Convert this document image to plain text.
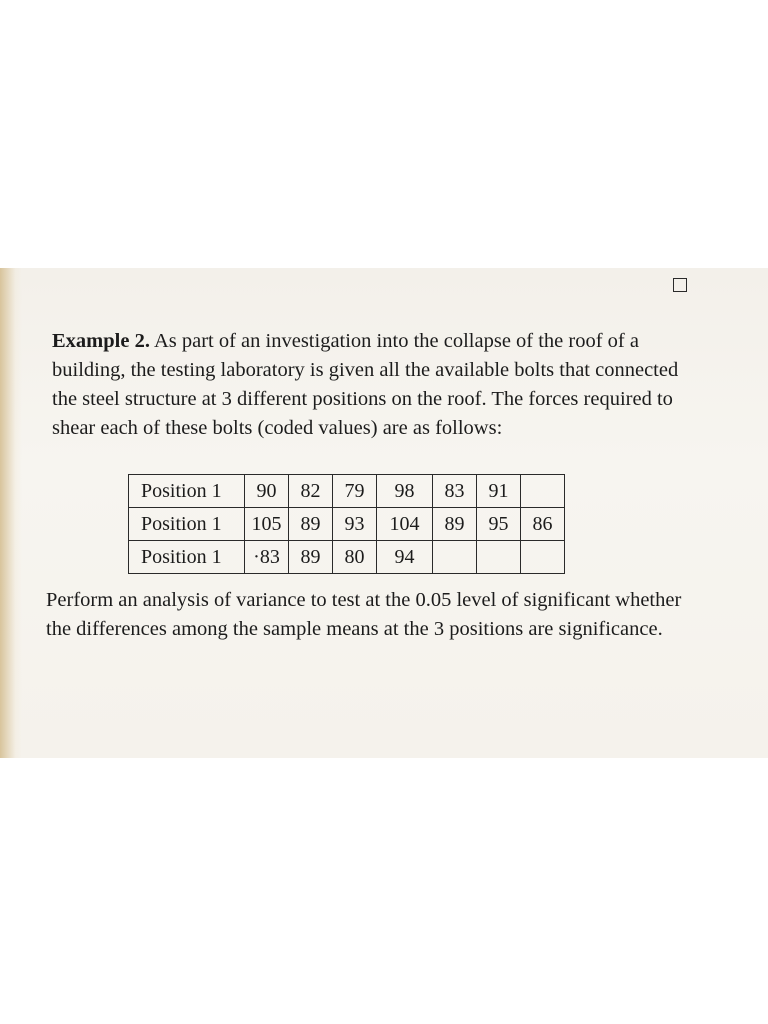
Example 2. As part of an investigation into the collapse of the roof of a building, the testing laboratory is given all the available bolts that connected the steel structure at 3 different positions on the roof. The forces required to shear each of these bolts (coded values) are as follows:

Position 1	90	82	79	98	83	91	
Position 1	105	89	93	104	89	95	86
Position 1	·83	89	80	94			

Perform an analysis of variance to test at the 0.05 level of significant whether the differences among the sample means at the 3 positions are significance.
